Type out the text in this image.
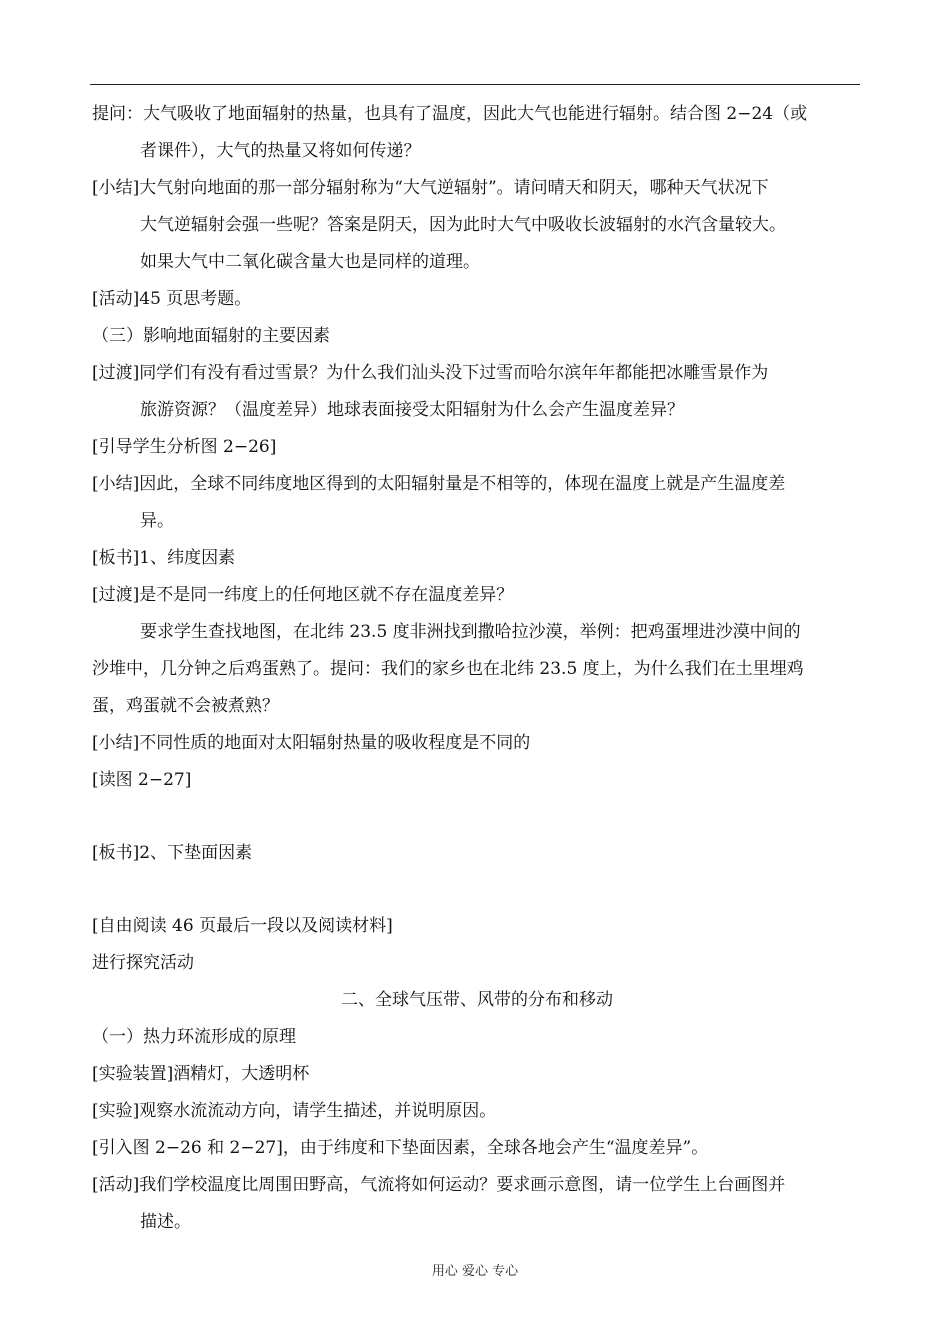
提问：大气吸收了地面辐射的热量，也具有了温度，因此大气也能进行辐射。结合图 2−24（或
者课件），大气的热量又将如何传递？
[小结]大气射向地面的那一部分辐射称为“大气逆辐射”。请问晴天和阴天，哪种天气状况下
大气逆辐射会强一些呢？答案是阴天，因为此时大气中吸收长波辐射的水汽含量较大。
如果大气中二氧化碳含量大也是同样的道理。
[活动]45 页思考题。
（三）影响地面辐射的主要因素
[过渡]同学们有没有看过雪景？为什么我们汕头没下过雪而哈尔滨年年都能把冰雕雪景作为
旅游资源？（温度差异）地球表面接受太阳辐射为什么会产生温度差异？
[引导学生分析图 2−26]
[小结]因此，全球不同纬度地区得到的太阳辐射量是不相等的，体现在温度上就是产生温度差
异。
[板书]1、纬度因素
[过渡]是不是同一纬度上的任何地区就不存在温度差异？
要求学生查找地图，在北纬 23.5 度非洲找到撒哈拉沙漠，举例：把鸡蛋埋进沙漠中间的
沙堆中，几分钟之后鸡蛋熟了。提问：我们的家乡也在北纬 23.5 度上，为什么我们在土里埋鸡
蛋，鸡蛋就不会被煮熟？
[小结]不同性质的地面对太阳辐射热量的吸收程度是不同的
[读图 2−27]
[板书]2、下垫面因素
[自由阅读 46 页最后一段以及阅读材料]
进行探究活动
二、全球气压带、风带的分布和移动
（一）热力环流形成的原理
[实验装置]酒精灯，大透明杯
[实验]观察水流流动方向，请学生描述，并说明原因。
[引入图 2−26 和 2−27]，由于纬度和下垫面因素，全球各地会产生“温度差异”。
[活动]我们学校温度比周围田野高，气流将如何运动？要求画示意图，请一位学生上台画图并
描述。
用心 爱心 专心
